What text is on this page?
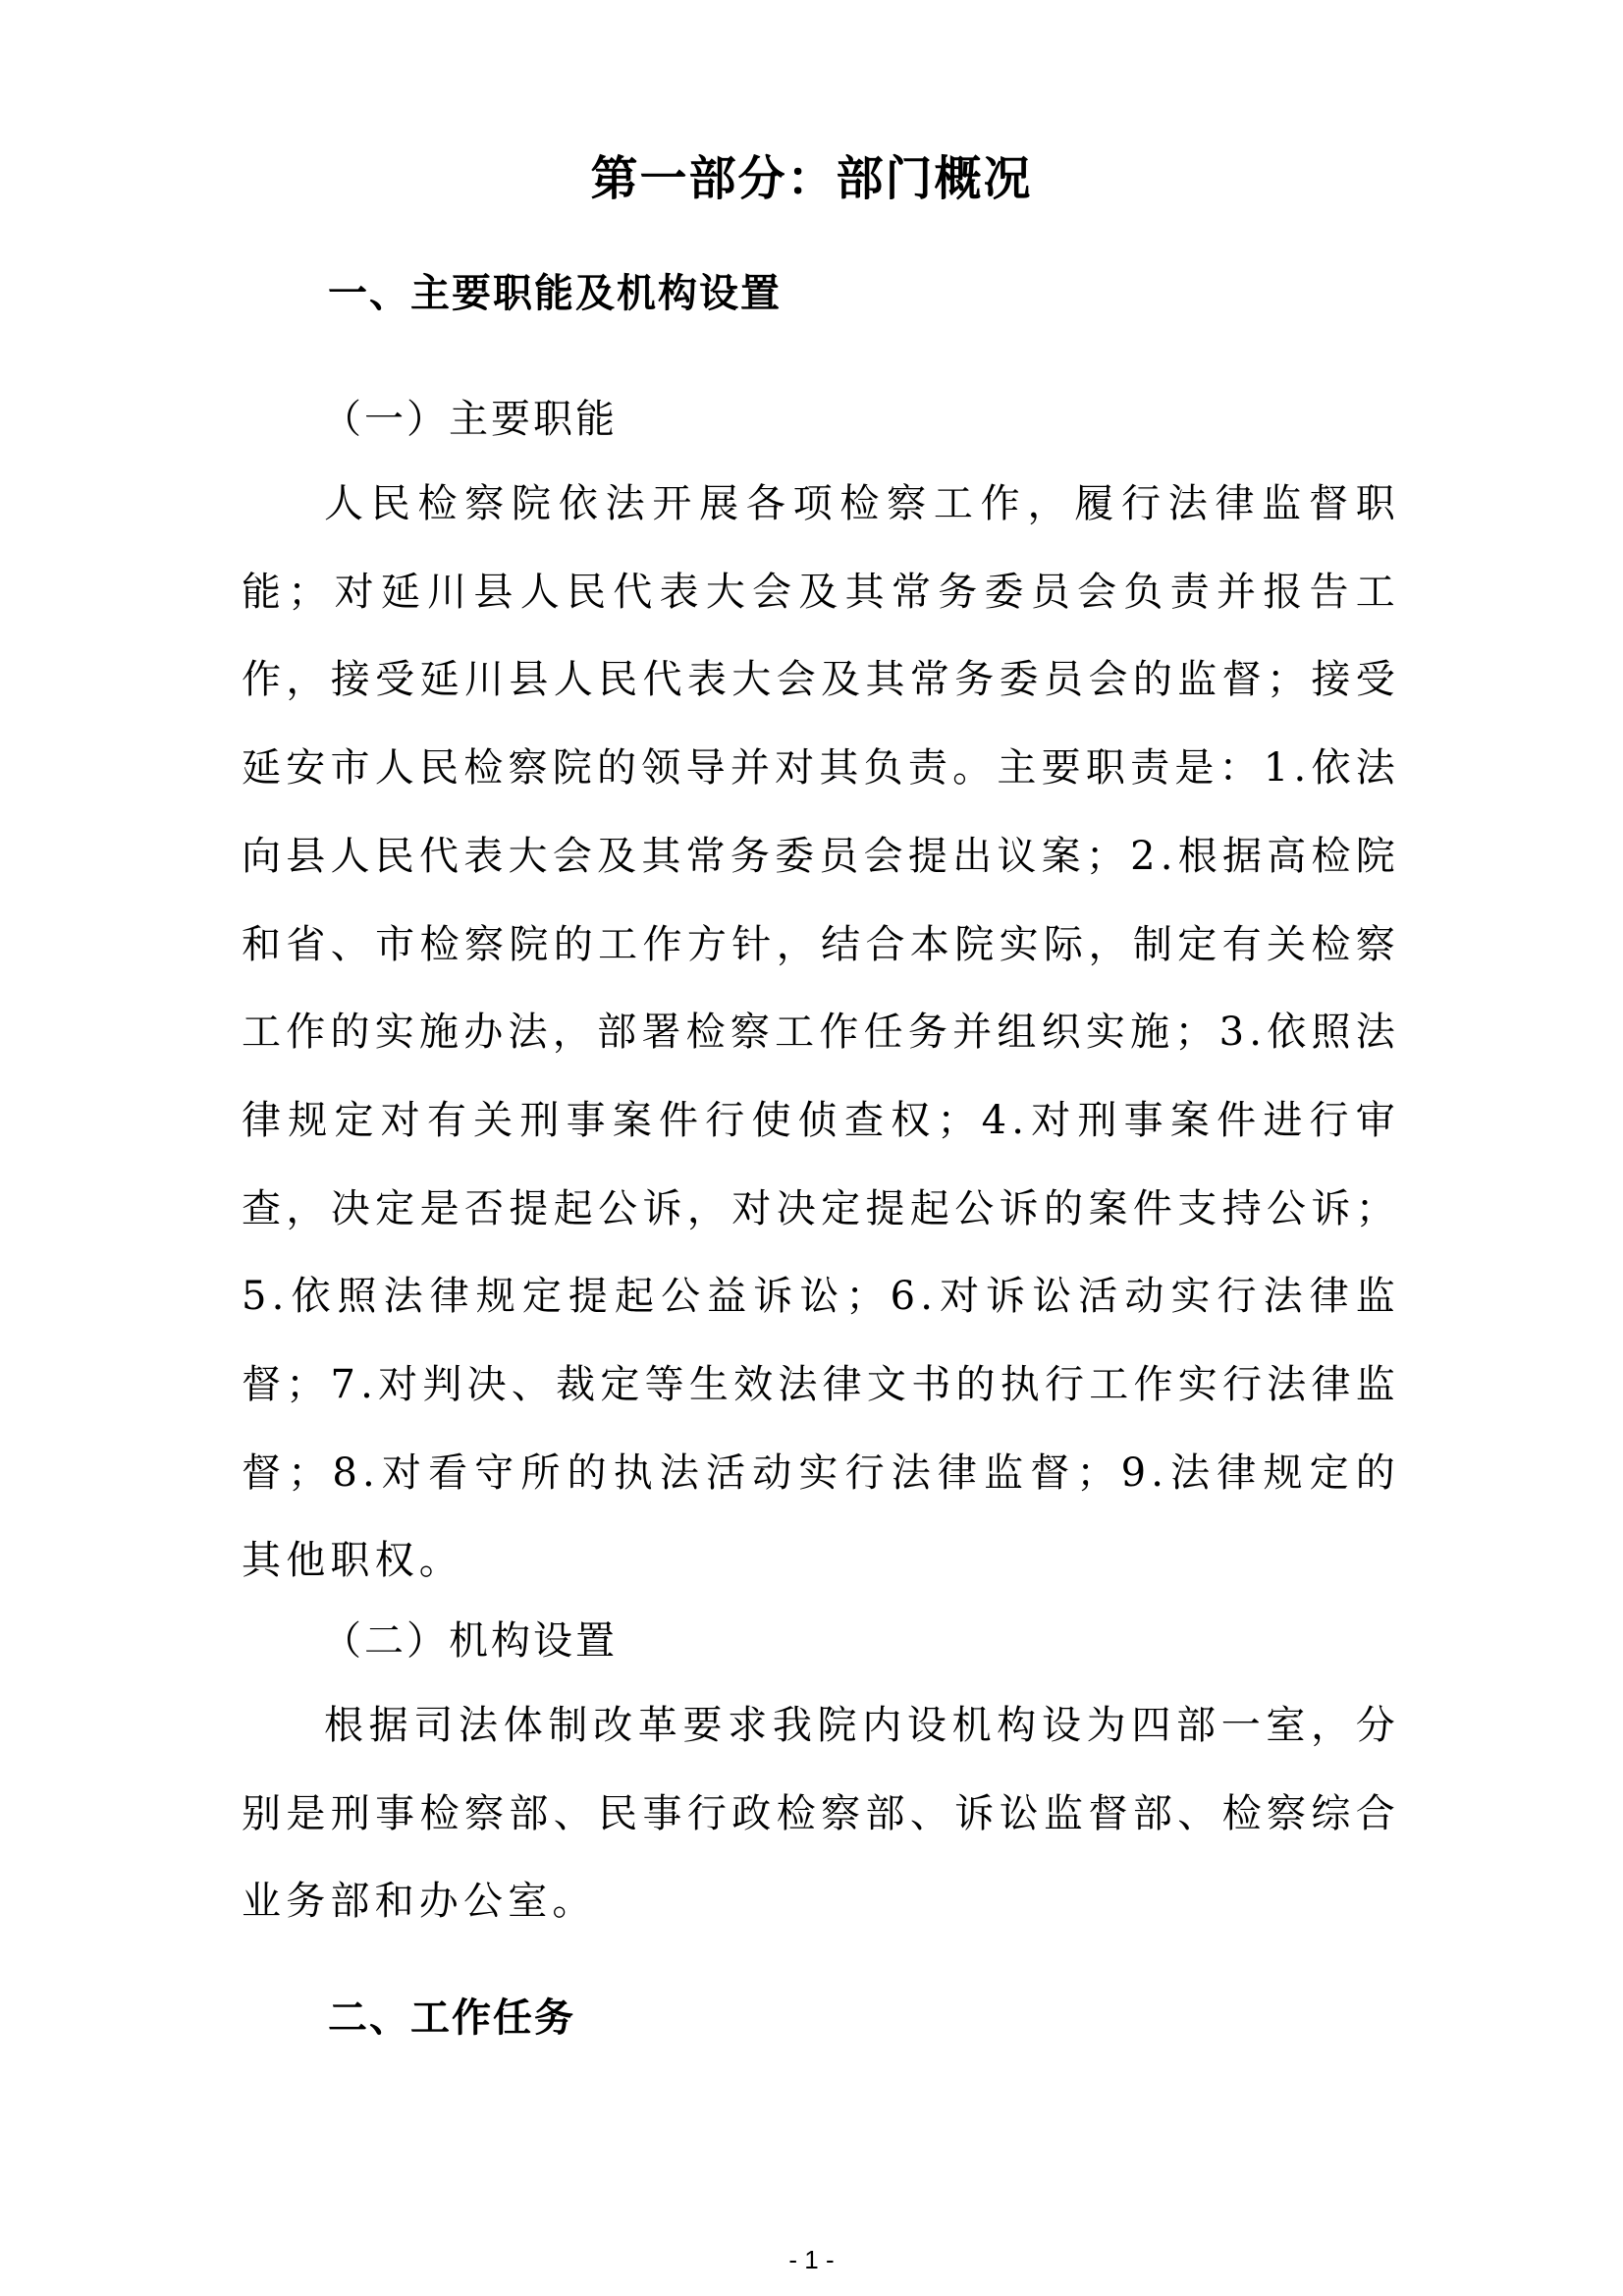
第一部分：部门概况
一、主要职能及机构设置
（一）主要职能

人民检察院依法开展各项检察工作，履行法律监督职能；对延川县人民代表大会及其常务委员会负责并报告工作，接受延川县人民代表大会及其常务委员会的监督；接受延安市人民检察院的领导并对其负责。主要职责是：1.依法向县人民代表大会及其常务委员会提出议案；2.根据高检院和省、市检察院的工作方针，结合本院实际，制定有关检察工作的实施办法，部署检察工作任务并组织实施；3.依照法律规定对有关刑事案件行使侦查权；4.对刑事案件进行审查，决定是否提起公诉，对决定提起公诉的案件支持公诉；5.依照法律规定提起公益诉讼；6.对诉讼活动实行法律监督；7.对判决、裁定等生效法律文书的执行工作实行法律监督；8.对看守所的执法活动实行法律监督；9.法律规定的其他职权。

（二）机构设置

根据司法体制改革要求我院内设机构设为四部一室，分别是刑事检察部、民事行政检察部、诉讼监督部、检察综合业务部和办公室。

二、工作任务
- 1 -
